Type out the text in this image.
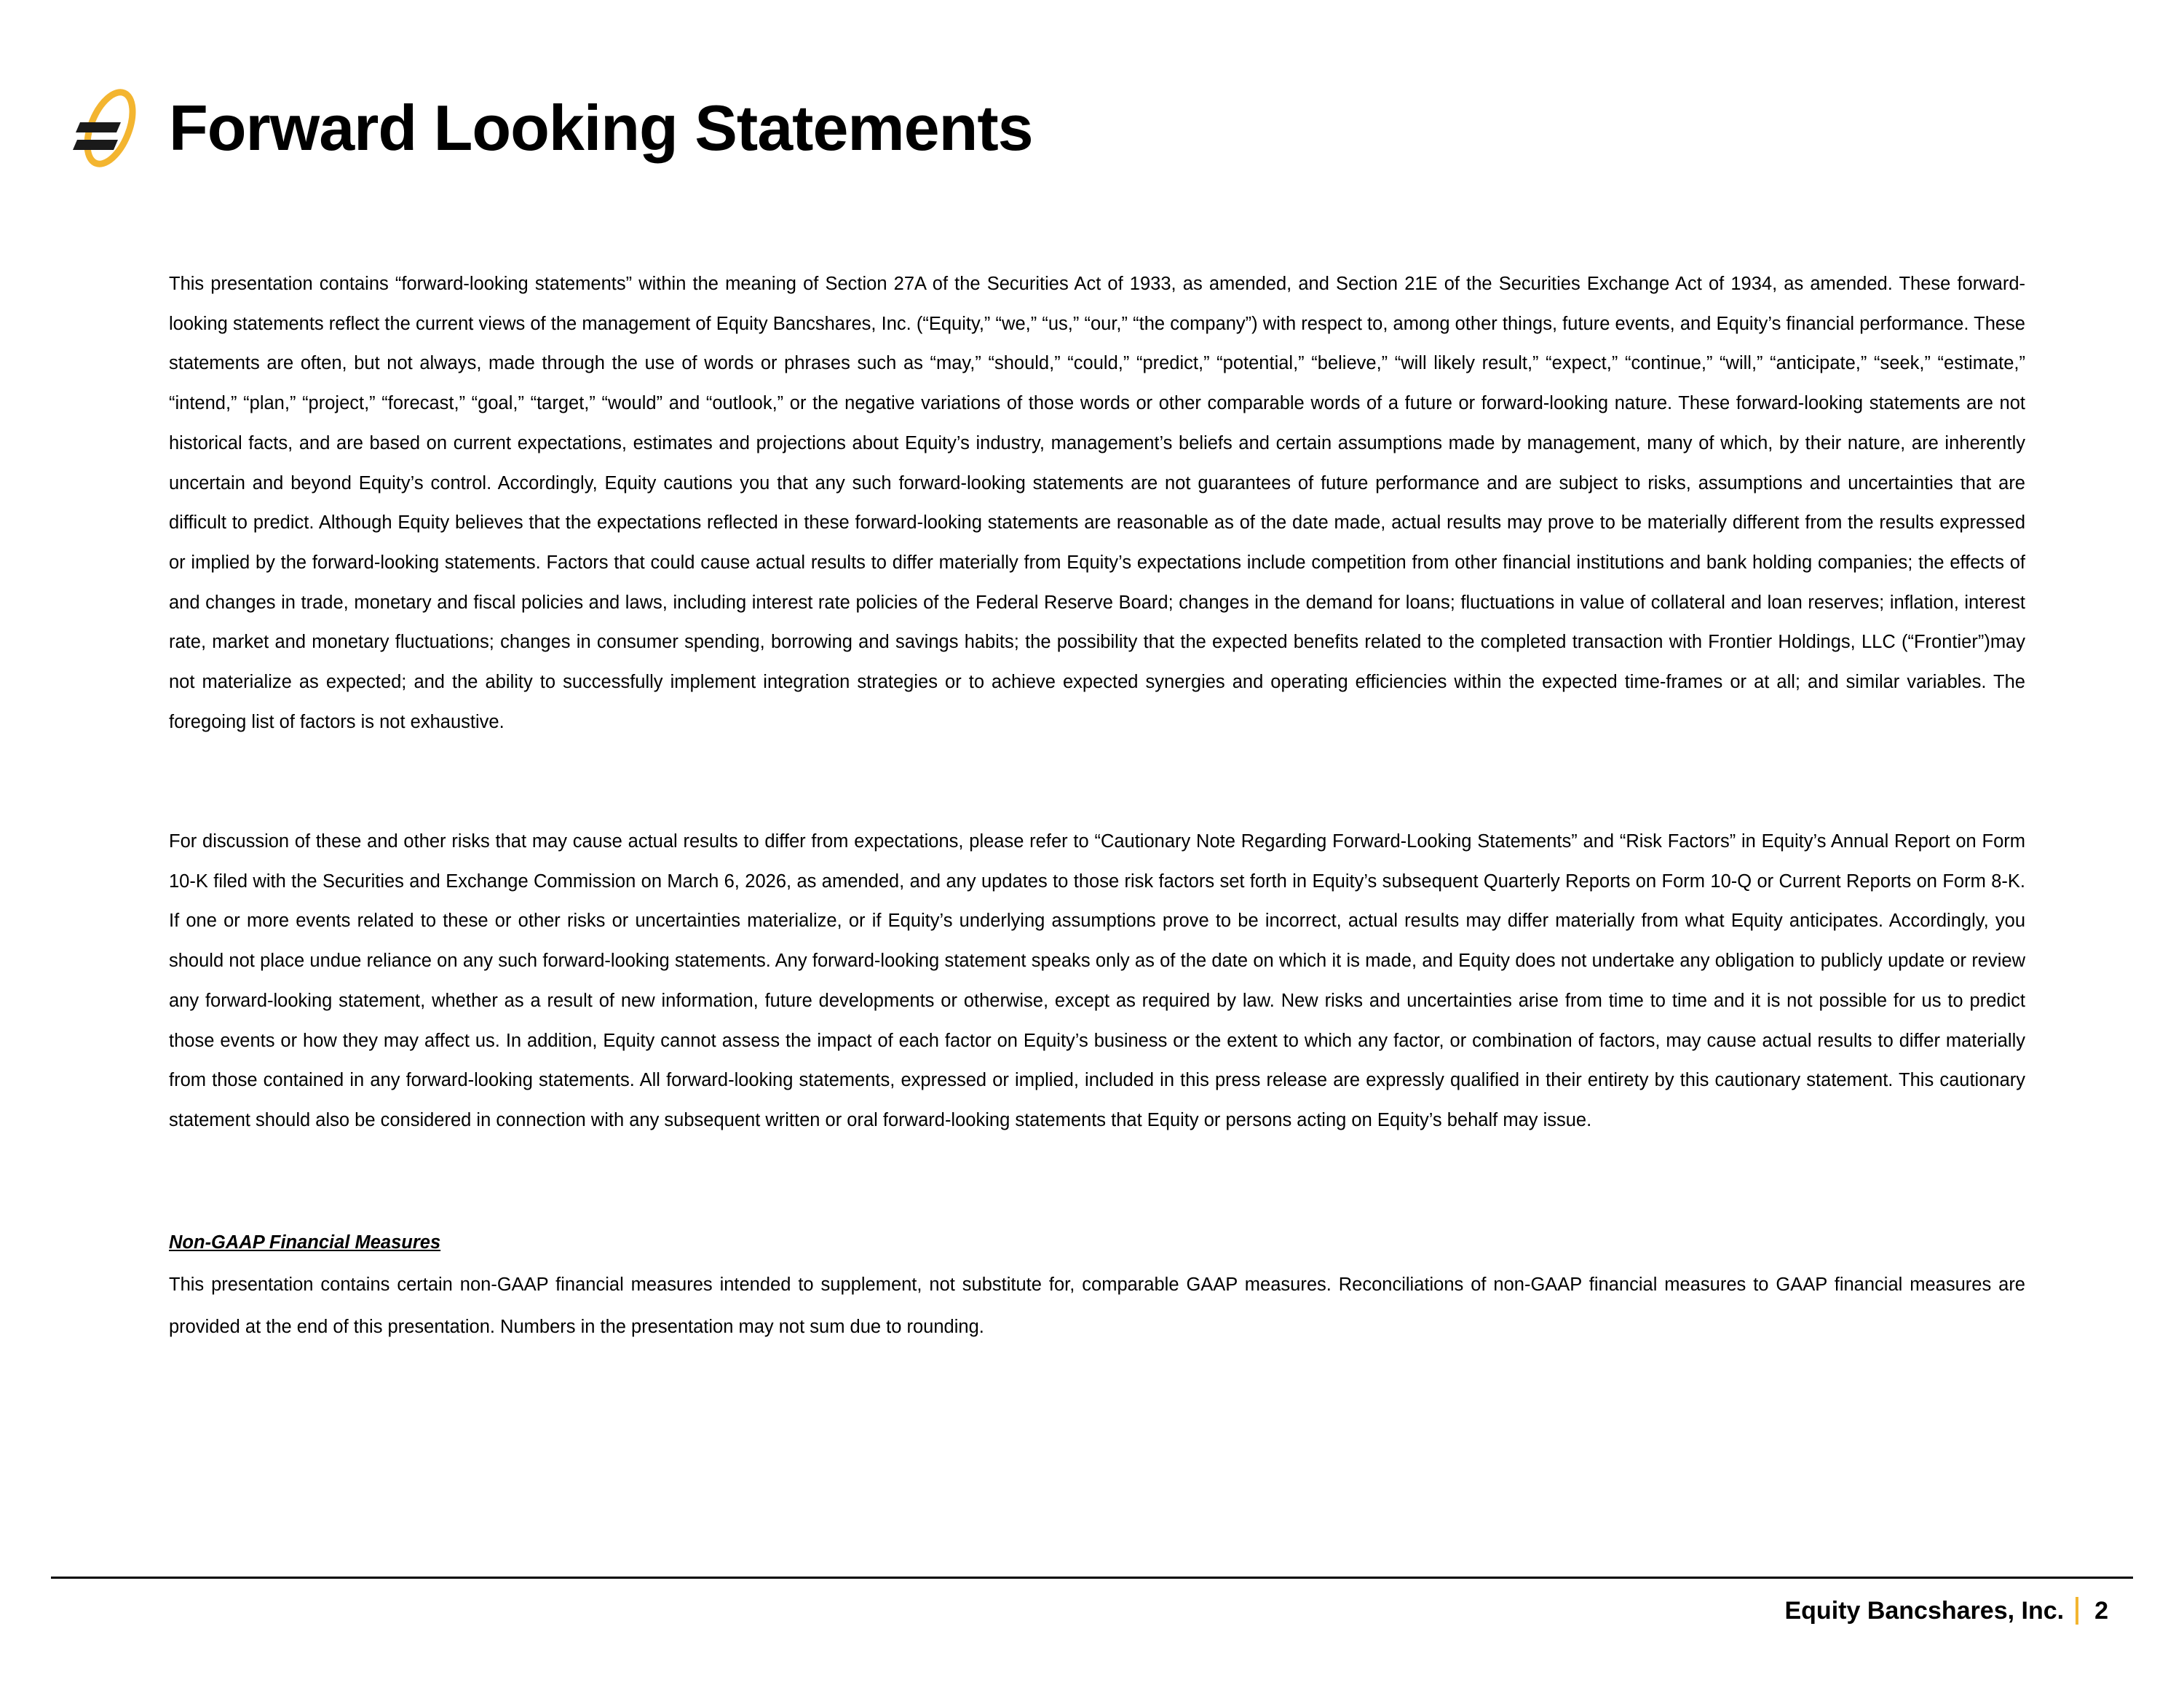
Forward Looking Statements

This presentation contains “forward-looking statements” within the meaning of Section 27A of the Securities Act of 1933, as amended, and Section 21E of the Securities Exchange Act of 1934, as amended. These forward-looking statements reflect the current views of the management of Equity Bancshares, Inc. (“Equity,” “we,” “us,” “our,” “the company”) with respect to, among other things, future events, and Equity’s financial performance. These statements are often, but not always, made through the use of words or phrases such as “may,” “should,” “could,” “predict,” “potential,” “believe,” “will likely result,” “expect,” “continue,” “will,” “anticipate,” “seek,” “estimate,” “intend,” “plan,” “project,” “forecast,” “goal,” “target,” “would” and “outlook,” or the negative variations of those words or other comparable words of a future or forward-looking nature. These forward-looking statements are not historical facts, and are based on current expectations, estimates and projections about Equity’s industry, management’s beliefs and certain assumptions made by management, many of which, by their nature, are inherently uncertain and beyond Equity’s control. Accordingly, Equity cautions you that any such forward-looking statements are not guarantees of future performance and are subject to risks, assumptions and uncertainties that are difficult to predict. Although Equity believes that the expectations reflected in these forward-looking statements are reasonable as of the date made, actual results may prove to be materially different from the results expressed or implied by the forward-looking statements. Factors that could cause actual results to differ materially from Equity’s expectations include competition from other financial institutions and bank holding companies; the effects of and changes in trade, monetary and fiscal policies and laws, including interest rate policies of the Federal Reserve Board; changes in the demand for loans; fluctuations in value of collateral and loan reserves; inflation, interest rate, market and monetary fluctuations; changes in consumer spending, borrowing and savings habits; the possibility that the expected benefits related to the completed transaction with Frontier Holdings, LLC (“Frontier”)may not materialize as expected; and the ability to successfully implement integration strategies or to achieve expected synergies and operating efficiencies within the expected time-frames or at all; and similar variables. The foregoing list of factors is not exhaustive.

For discussion of these and other risks that may cause actual results to differ from expectations, please refer to “Cautionary Note Regarding Forward-Looking Statements” and “Risk Factors” in Equity’s Annual Report on Form 10-K filed with the Securities and Exchange Commission on March 6, 2026, as amended, and any updates to those risk factors set forth in Equity’s subsequent Quarterly Reports on Form 10-Q or Current Reports on Form 8-K. If one or more events related to these or other risks or uncertainties materialize, or if Equity’s underlying assumptions prove to be incorrect, actual results may differ materially from what Equity anticipates. Accordingly, you should not place undue reliance on any such forward-looking statements. Any forward-looking statement speaks only as of the date on which it is made, and Equity does not undertake any obligation to publicly update or review any forward-looking statement, whether as a result of new information, future developments or otherwise, except as required by law. New risks and uncertainties arise from time to time and it is not possible for us to predict those events or how they may affect us. In addition, Equity cannot assess the impact of each factor on Equity’s business or the extent to which any factor, or combination of factors, may cause actual results to differ materially from those contained in any forward-looking statements. All forward-looking statements, expressed or implied, included in this press release are expressly qualified in their entirety by this cautionary statement. This cautionary statement should also be considered in connection with any subsequent written or oral forward-looking statements that Equity or persons acting on Equity’s behalf may issue.

Non-GAAP Financial Measures

This presentation contains certain non-GAAP financial measures intended to supplement, not substitute for, comparable GAAP measures. Reconciliations of non-GAAP financial measures to GAAP financial measures are provided at the end of this presentation. Numbers in the presentation may not sum due to rounding.

Equity Bancshares, Inc. 2
